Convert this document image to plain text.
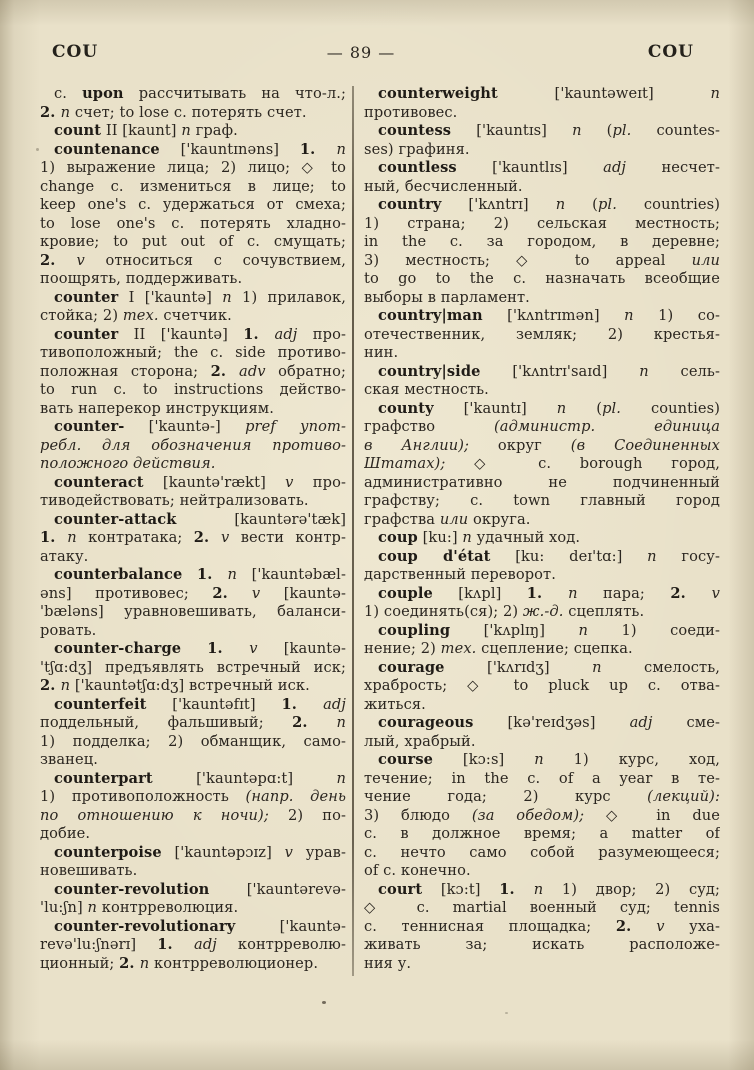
COU	— 89 —	COU
c. upon рассчитывать на что-л.;
2. n счет; to lose c. потерять счет.
count II [kaunt] n граф.
countenance ['kauntɪnəns] 1. n
1) выражение лица; 2) лицо; ◇ to
change c. измениться в лице; to
keep one's c. удержаться от смеха;
to lose one's c. потерять хладно-
кровие; to put out of c. смущать;
2. v относиться с сочувствием,
поощрять, поддерживать.
counter I ['kauntə] n 1) прилавок,
стойка; 2) тех. счетчик.
counter II ['kauntə] 1. adj про-
тивоположный; the c. side противо-
положная сторона; 2. adv обратно;
to run c. to instructions действо-
вать наперекор инструкциям.
counter- ['kauntə-] pref упот-
ребл. для обозначения противо-
положного действия.
counteract [kauntə'rækt] v про-
тиводействовать; нейтрализовать.
counter-attack [kauntərə'tæk]
1. n контратака; 2. v вести контр-
атаку.
counterbalance 1. n ['kauntəbæl-
əns] противовес; 2. v [kauntə-
'bæləns] уравновешивать, баланси-
ровать.
counter-charge 1. v [kauntə-
'tʃɑ:dʒ] предъявлять встречный иск;
2. n ['kauntətʃɑ:dʒ] встречный иск.
counterfeit ['kauntəfɪt] 1. adj
поддельный, фальшивый; 2. n
1) подделка; 2) обманщик, само-
званец.
counterpart ['kauntəpɑ:t] n
1) противоположность (напр. день
по отношению к ночи); 2) по-
добие.
counterpoise ['kauntəpɔɪz] v урав-
новешивать.
counter-revolution ['kauntərevə-
'lu:ʃn] n контрреволюция.
counter-revolutionary ['kauntə-
revə'lu:ʃnərɪ] 1. adj контрреволю-
ционный; 2. n контрреволюционер.
counterweight ['kauntəweɪt] n
противовес.
countess ['kauntɪs] n (pl. countes-
ses) графиня.
countless ['kauntlɪs] adj несчет-
ный, бесчисленный.
country ['kʌntrɪ] n (pl. countries)
1) страна; 2) сельская местность;
in the c. за городом, в деревне;
3) местность; ◇ to appeal или
to go to the c. назначать всеобщие
выборы в парламент.
country|man ['kʌntrɪmən] n 1) со-
отечественник, земляк; 2) крестья-
нин.
country|side ['kʌntrɪ'saɪd] n сель-
ская местность.
county ['kauntɪ] n (pl. counties)
графство (администр. единица
в Англии); округ (в Соединенных
Штатах); ◇ c. borough город,
административно не подчиненный
графству; c. town главный город
графства или округа.
coup [ku:] n удачный ход.
coup d'état [ku: deɪ'tɑ:] n госу-
дарственный переворот.
couple [kʌpl] 1. n пара; 2. v
1) соединять(ся); 2) ж.-д. сцеплять.
coupling ['kʌplɪŋ] n 1) соеди-
нение; 2) тех. сцепление; сцепка.
courage ['kʌrɪdʒ] n смелость,
храбрость; ◇ to pluck up c. отва-
житься.
courageous [kə'reɪdʒəs] adj сме-
лый, храбрый.
course [kɔ:s] n 1) курс, ход,
течение; in the c. of a year в те-
чение года; 2) курс (лекций):
3) блюдо (за обедом); ◇ in due
c. в должное время; a matter of
c. нечто само собой разумеющееся;
of c. конечно.
court [kɔ:t] 1. n 1) двор; 2) суд;
◇ c. martial военный суд; tennis
c. теннисная площадка; 2. v уха-
живать за; искать расположе-
ния у.
